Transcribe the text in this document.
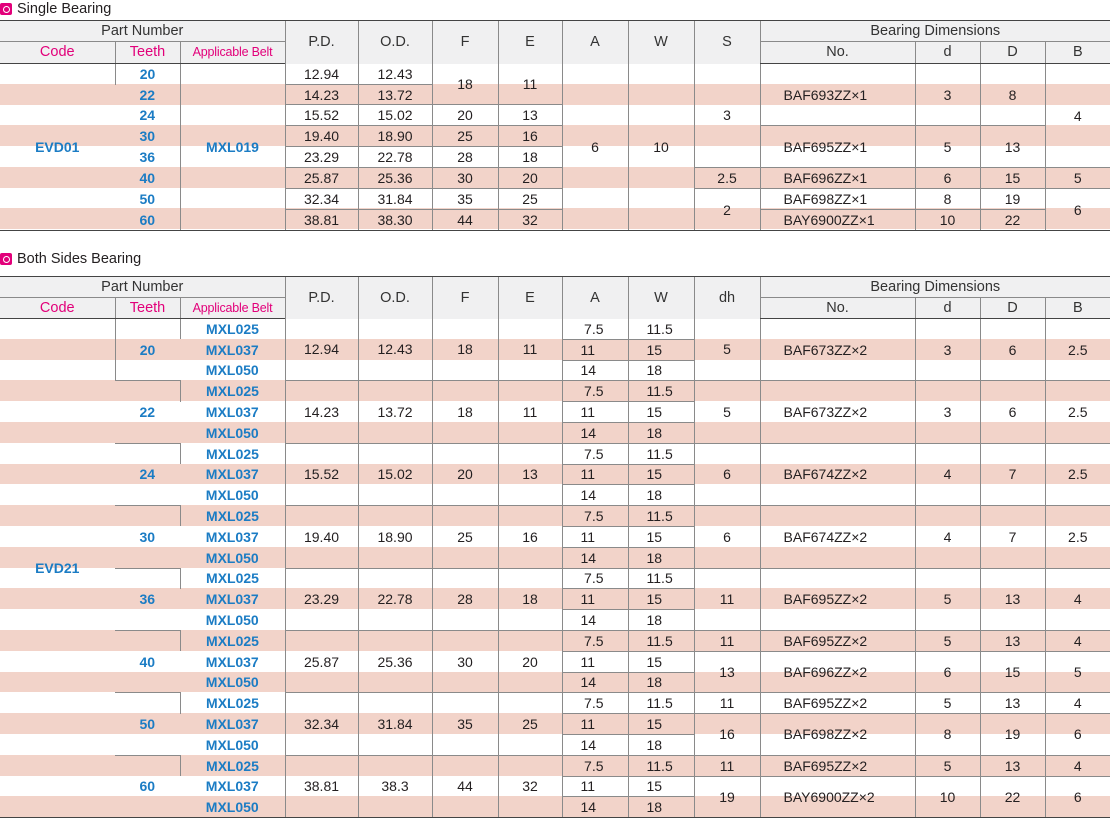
Single Bearing
Part Number			P.D.	O.D.	F	E	A	W	S	Bearing Dimensions			
Code	Teeth	Applicable Belt								No.	d	D	B
EVD01	20	MXL019	12.94	12.43	18	11	6	10	3	BAF693ZZ×1	3	8	4
	22		14.23	13.72									
	24		15.52	15.02	20	13							
	30		19.40	18.90	25	16				BAF695ZZ×1	5	13	
	36		23.29	22.78	28	18							
	40		25.87	25.36	30	20			2.5	BAF696ZZ×1	6	15	5
	50		32.34	31.84	35	25			2	BAF698ZZ×1	8	19	6
	60		38.81	38.30	44	32				BAY6900ZZ×1	10	22	
Both Sides Bearing
Part Number			P.D.	O.D.	F	E	A	W	dh	Bearing Dimensions			
Code	Teeth	Applicable Belt								No.	d	D	B
EVD21	20	MXL025	12.94	12.43	18	11	7.5	11.5	5	BAF673ZZ×2	3	6	2.5
		MXL037					11	15					
		MXL050					14	18					
	22	MXL025	14.23	13.72	18	11	7.5	11.5	5	BAF673ZZ×2	3	6	2.5
		MXL037					11	15					
		MXL050					14	18					
	24	MXL025	15.52	15.02	20	13	7.5	11.5	6	BAF674ZZ×2	4	7	2.5
		MXL037					11	15					
		MXL050					14	18					
	30	MXL025	19.40	18.90	25	16	7.5	11.5	6	BAF674ZZ×2	4	7	2.5
		MXL037					11	15					
		MXL050					14	18					
	36	MXL025	23.29	22.78	28	18	7.5	11.5	11	BAF695ZZ×2	5	13	4
		MXL037					11	15					
		MXL050					14	18					
	40	MXL025	25.87	25.36	30	20	7.5	11.5	11	BAF695ZZ×2	5	13	4
		MXL037					11	15	13	BAF696ZZ×2	6	15	5
		MXL050					14	18					
	50	MXL025	32.34	31.84	35	25	7.5	11.5	11	BAF695ZZ×2	5	13	4
		MXL037					11	15	16	BAF698ZZ×2	8	19	6
		MXL050					14	18					
	60	MXL025	38.81	38.3	44	32	7.5	11.5	11	BAF695ZZ×2	5	13	4
		MXL037					11	15	19	BAY6900ZZ×2	10	22	6
		MXL050					14	18					
